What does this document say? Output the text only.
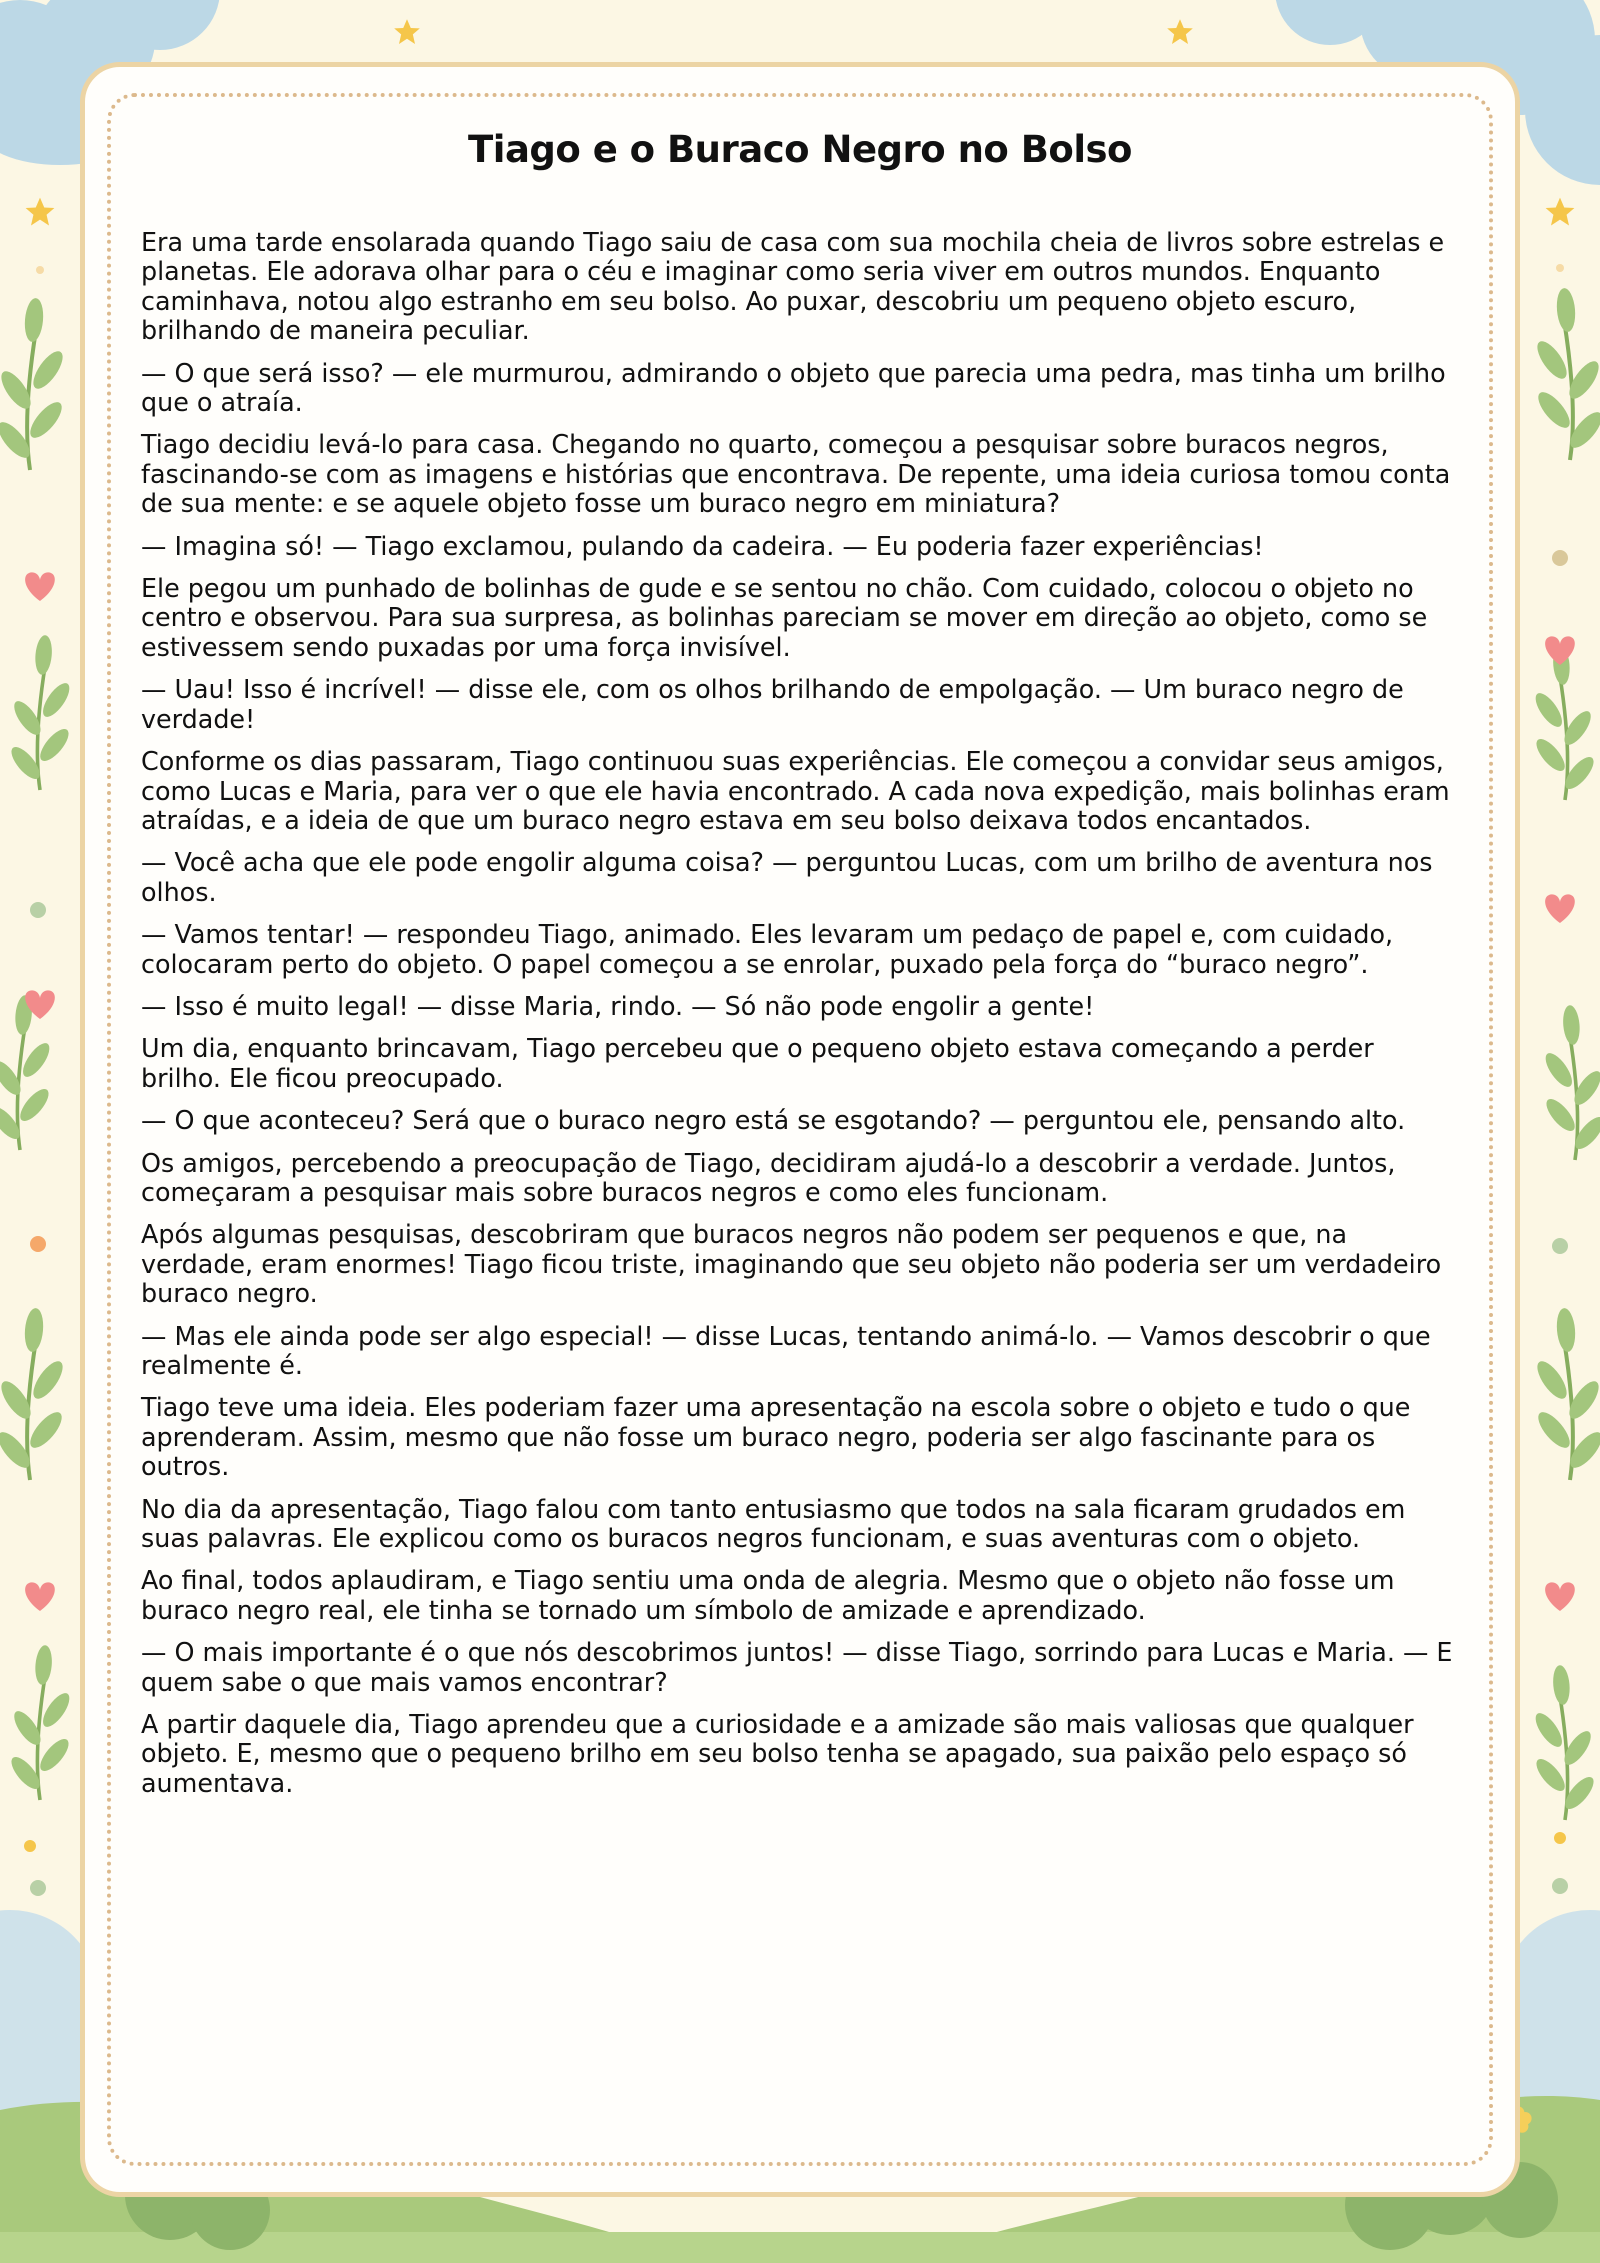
Tiago e o Buraco Negro no Bolso

Era uma tarde ensolarada quando Tiago saiu de casa com sua mochila cheia de livros sobre estrelas e planetas. Ele adorava olhar para o céu e imaginar como seria viver em outros mundos. Enquanto caminhava, notou algo estranho em seu bolso. Ao puxar, descobriu um pequeno objeto escuro, brilhando de maneira peculiar.

— O que será isso? — ele murmurou, admirando o objeto que parecia uma pedra, mas tinha um brilho que o atraía.

Tiago decidiu levá-lo para casa. Chegando no quarto, começou a pesquisar sobre buracos negros, fascinando-se com as imagens e histórias que encontrava. De repente, uma ideia curiosa tomou conta de sua mente: e se aquele objeto fosse um buraco negro em miniatura?

— Imagina só! — Tiago exclamou, pulando da cadeira. — Eu poderia fazer experiências!

Ele pegou um punhado de bolinhas de gude e se sentou no chão. Com cuidado, colocou o objeto no centro e observou. Para sua surpresa, as bolinhas pareciam se mover em direção ao objeto, como se estivessem sendo puxadas por uma força invisível.

— Uau! Isso é incrível! — disse ele, com os olhos brilhando de empolgação. — Um buraco negro de verdade!

Conforme os dias passaram, Tiago continuou suas experiências. Ele começou a convidar seus amigos, como Lucas e Maria, para ver o que ele havia encontrado. A cada nova expedição, mais bolinhas eram atraídas, e a ideia de que um buraco negro estava em seu bolso deixava todos encantados.

— Você acha que ele pode engolir alguma coisa? — perguntou Lucas, com um brilho de aventura nos olhos.

— Vamos tentar! — respondeu Tiago, animado. Eles levaram um pedaço de papel e, com cuidado, colocaram perto do objeto. O papel começou a se enrolar, puxado pela força do “buraco negro”.

— Isso é muito legal! — disse Maria, rindo. — Só não pode engolir a gente!

Um dia, enquanto brincavam, Tiago percebeu que o pequeno objeto estava começando a perder brilho. Ele ficou preocupado.

— O que aconteceu? Será que o buraco negro está se esgotando? — perguntou ele, pensando alto.

Os amigos, percebendo a preocupação de Tiago, decidiram ajudá-lo a descobrir a verdade. Juntos, começaram a pesquisar mais sobre buracos negros e como eles funcionam.

Após algumas pesquisas, descobriram que buracos negros não podem ser pequenos e que, na verdade, eram enormes! Tiago ficou triste, imaginando que seu objeto não poderia ser um verdadeiro buraco negro.

— Mas ele ainda pode ser algo especial! — disse Lucas, tentando animá-lo. — Vamos descobrir o que realmente é.

Tiago teve uma ideia. Eles poderiam fazer uma apresentação na escola sobre o objeto e tudo o que aprenderam. Assim, mesmo que não fosse um buraco negro, poderia ser algo fascinante para os outros.

No dia da apresentação, Tiago falou com tanto entusiasmo que todos na sala ficaram grudados em suas palavras. Ele explicou como os buracos negros funcionam, e suas aventuras com o objeto.

Ao final, todos aplaudiram, e Tiago sentiu uma onda de alegria. Mesmo que o objeto não fosse um buraco negro real, ele tinha se tornado um símbolo de amizade e aprendizado.

— O mais importante é o que nós descobrimos juntos! — disse Tiago, sorrindo para Lucas e Maria. — E quem sabe o que mais vamos encontrar?

A partir daquele dia, Tiago aprendeu que a curiosidade e a amizade são mais valiosas que qualquer objeto. E, mesmo que o pequeno brilho em seu bolso tenha se apagado, sua paixão pelo espaço só aumentava.
